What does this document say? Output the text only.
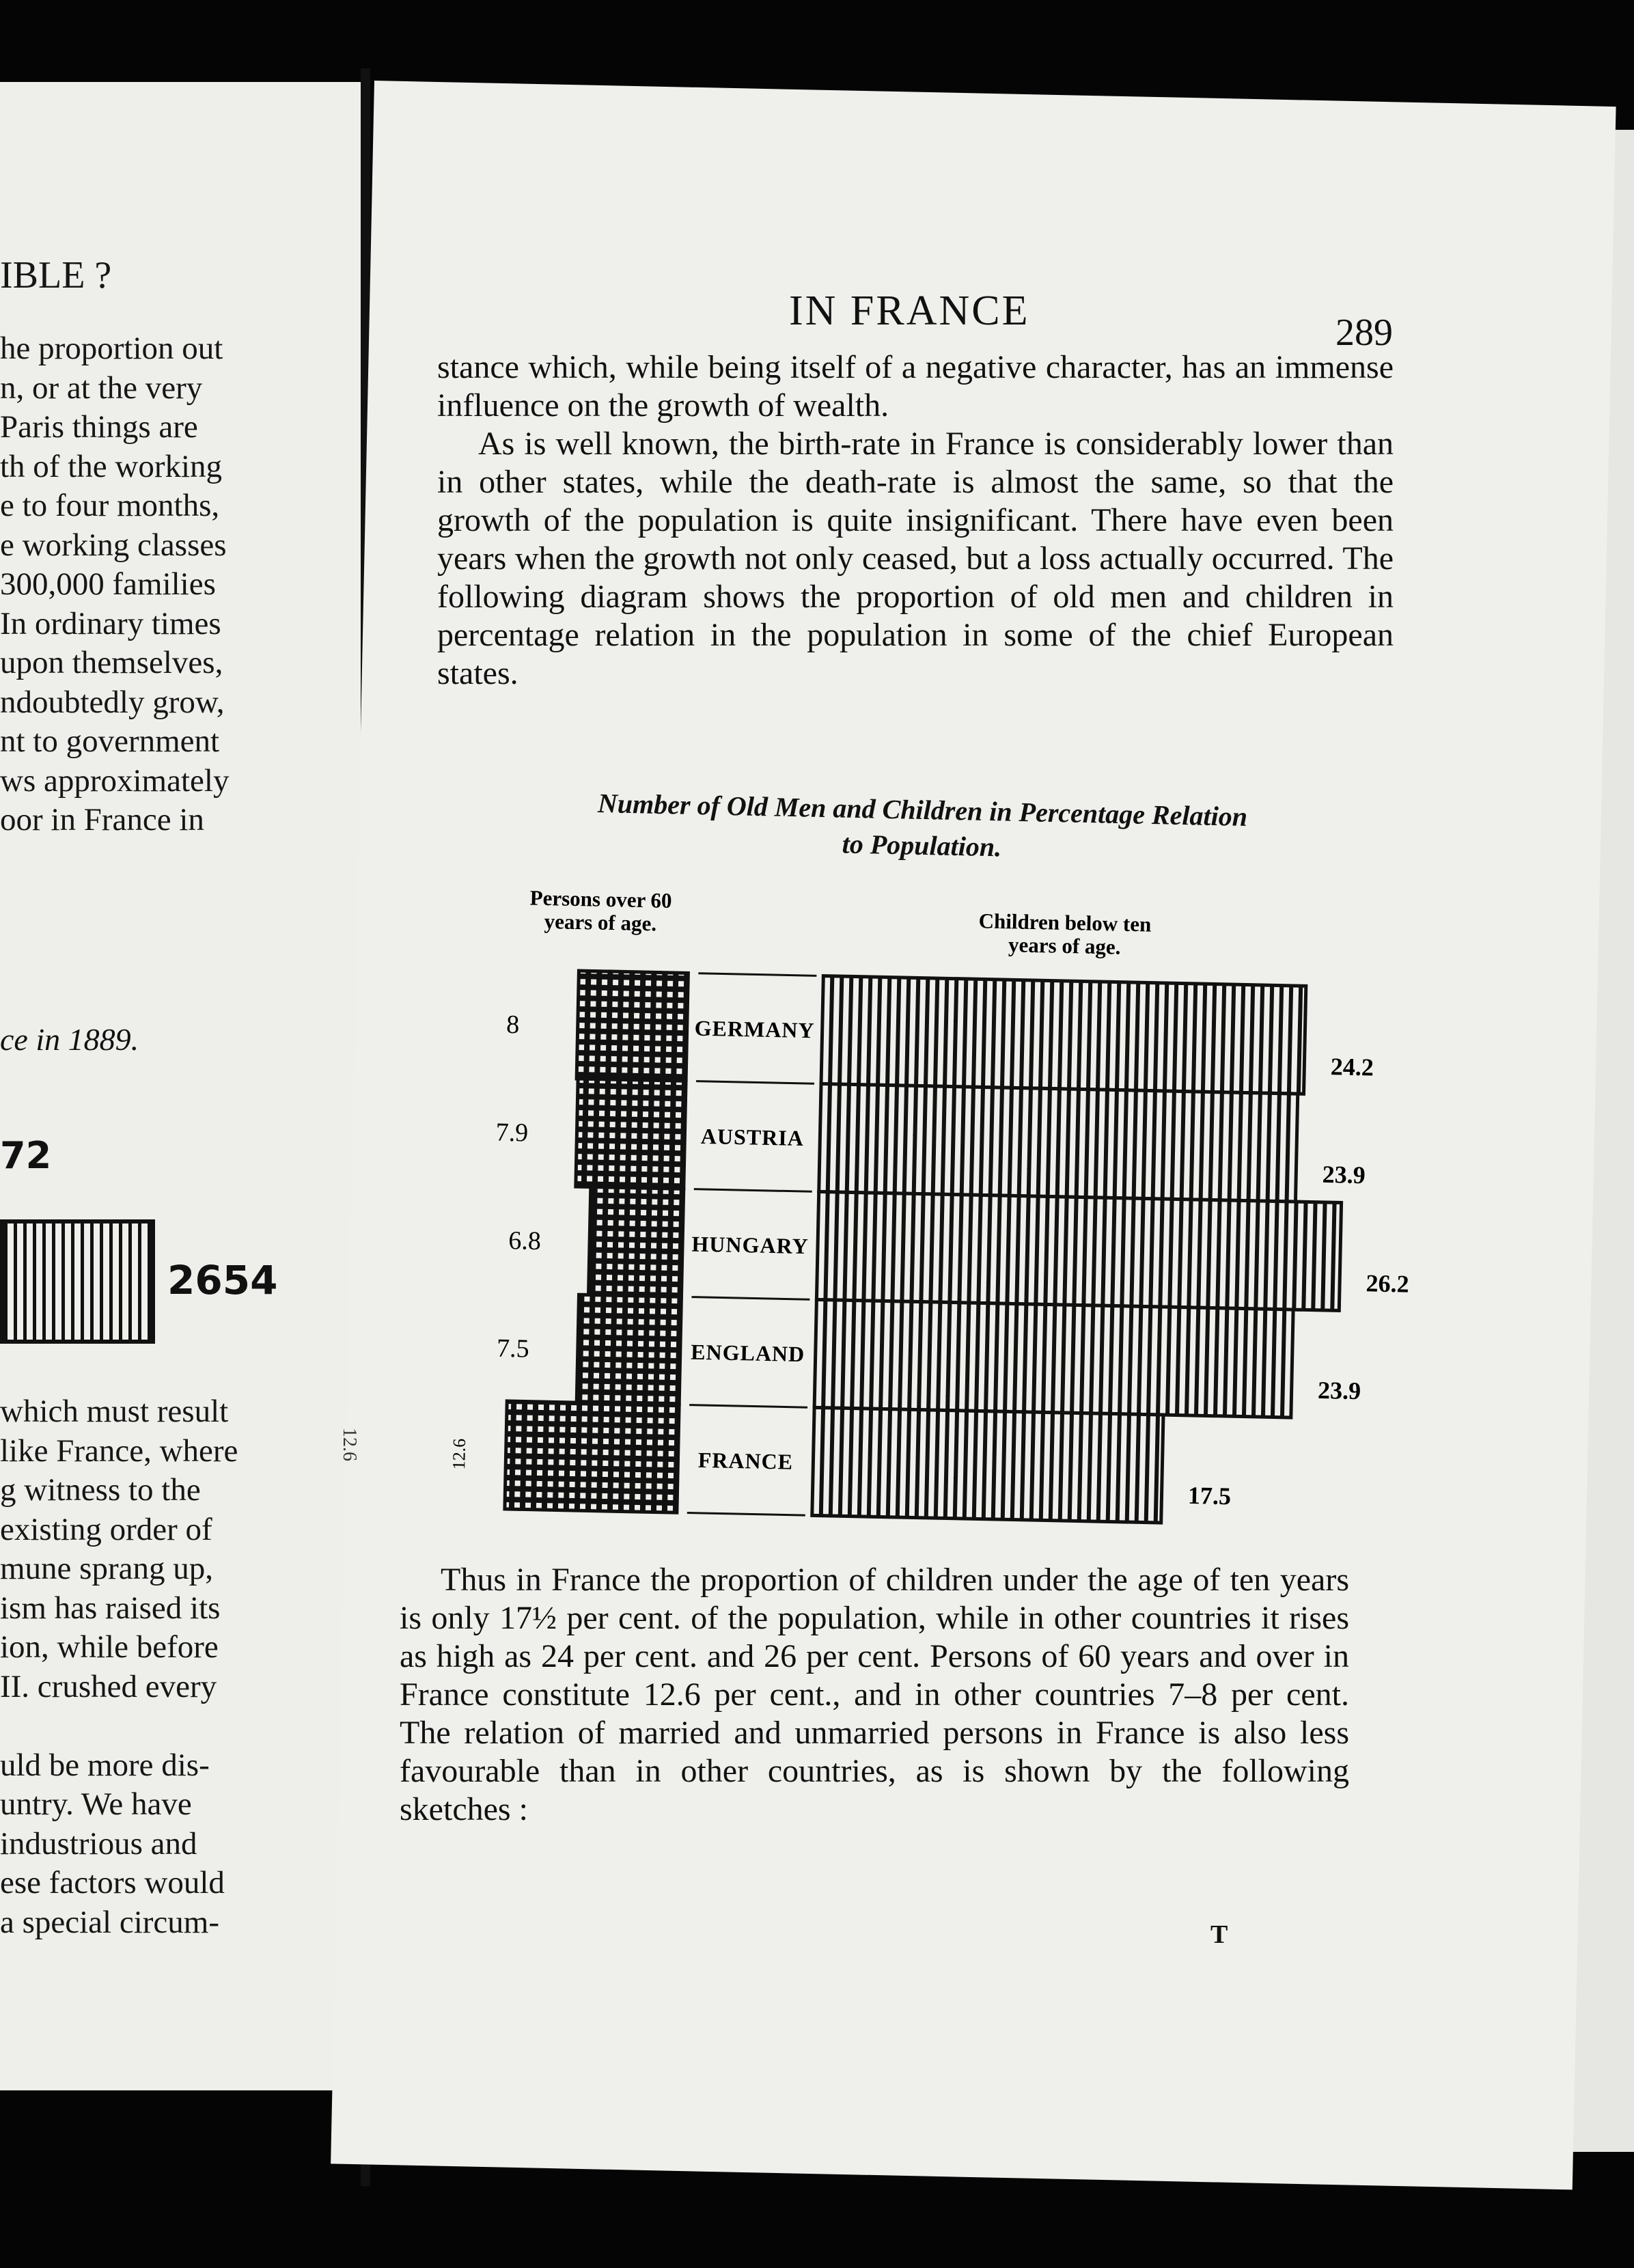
IBLE ?
he proportion out
n, or at the very
Paris things are
th of the working
e to four months,
e working classes
300,000 families
In ordinary times
upon themselves,
ndoubtedly grow,
nt to government
ws approximately
oor in France in
ce in 1889.
72
2654
which must result
like France, where
g witness to the
existing order of
mune sprang up,
ism has raised its
ion, while before
II. crushed every
uld be more dis-
untry. We have
industrious and
ese factors would
a special circum-
IN FRANCE	289

stance which, while being itself of a negative character, has an immense influence on the growth of wealth.

As is well known, the birth-rate in France is considerably lower than in other states, while the death-rate is almost the same, so that the growth of the population is quite insignificant. There have even been years when the growth not only ceased, but a loss actually occurred. The following diagram shows the proportion of old men and children in percentage relation in the population in some of the chief European states.

Number of Old Men and Children in Percentage Relation
to Population.
Persons over 60
years of age.	Children below ten
years of age.
GERMANY
8
24.2
AUSTRIA
7.9
23.9
HUNGARY
6.8
26.2
ENGLAND
7.5
23.9
FRANCE
12.6
17.5

Thus in France the proportion of children under the age of ten years is only 17½ per cent. of the population, while in other countries it rises as high as 24 per cent. and 26 per cent. Persons of 60 years and over in France constitute 12.6 per cent., and in other countries 7–8 per cent. The relation of married and unmarried persons in France is also less favourable than in other countries, as is shown by the following sketches :

12.6
T
